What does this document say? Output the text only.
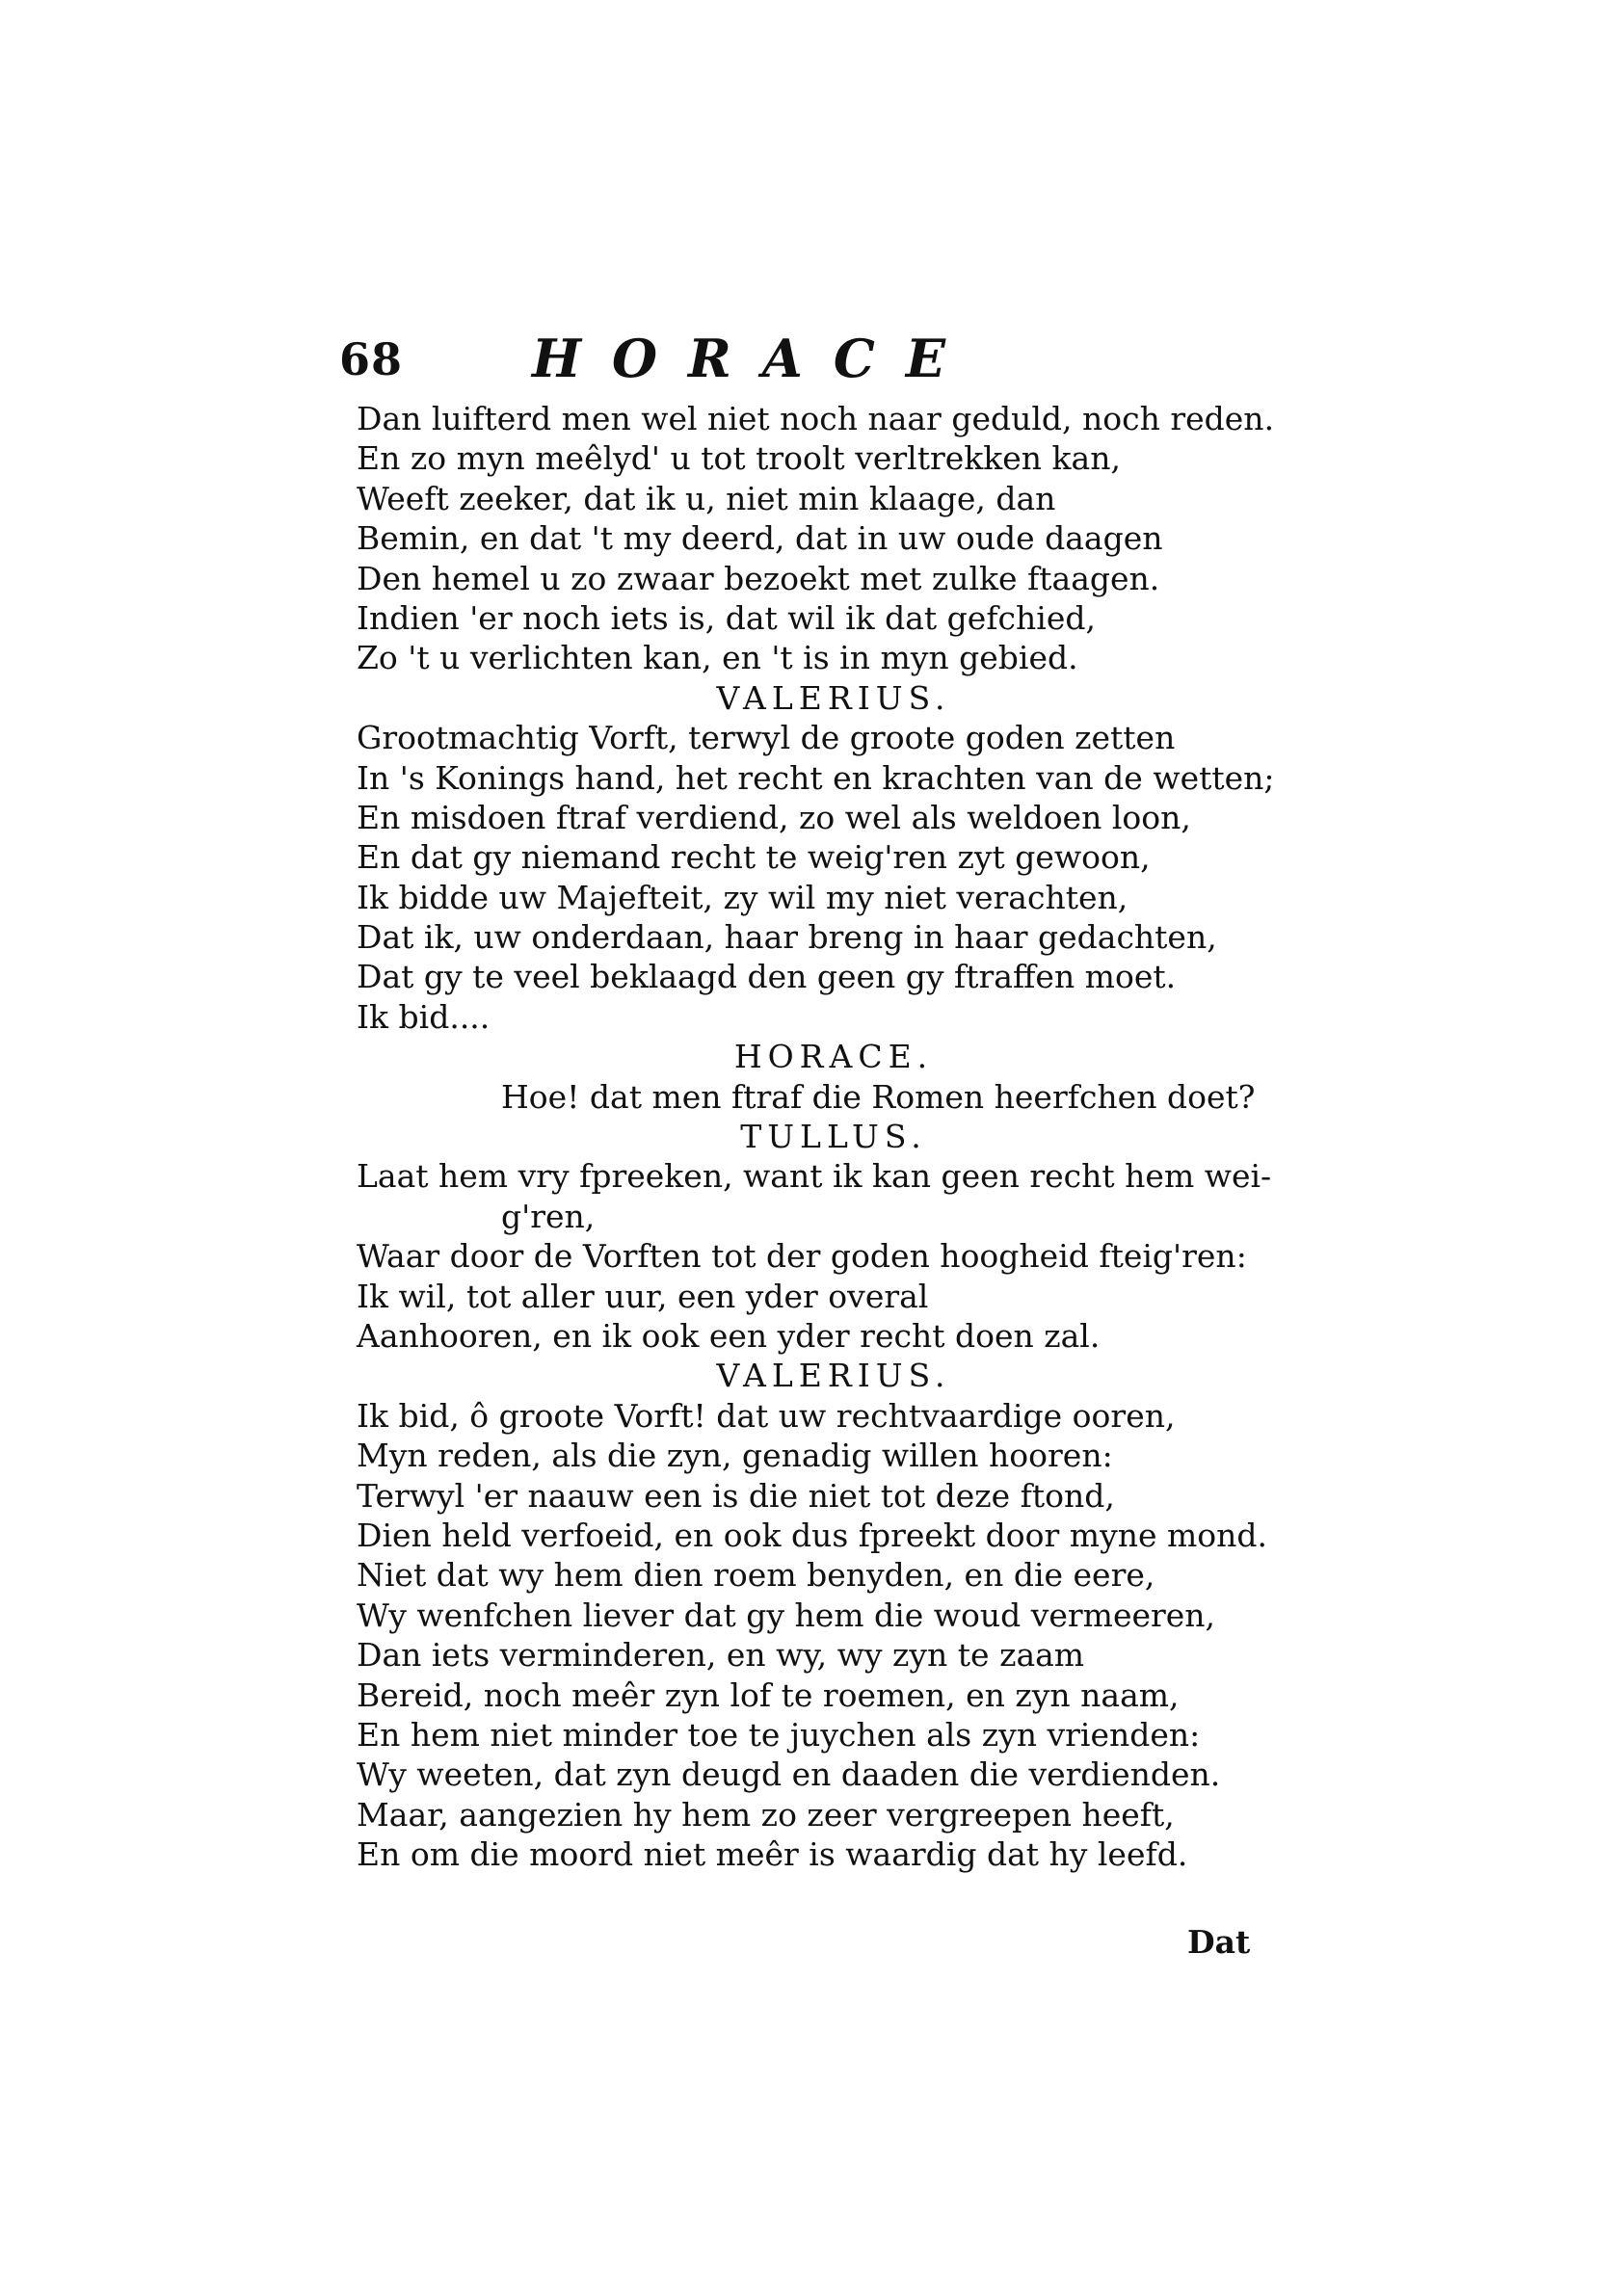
68 HORACE
Dan luifterd men wel niet noch naar geduld, noch reden.
En zo myn meêlyd' u tot troolt verltrekken kan,
Weeft zeeker, dat ik u, niet min klaage, dan
Bemin, en dat 't my deerd, dat in uw oude daagen
Den hemel u zo zwaar bezoekt met zulke ftaagen.
Indien 'er noch iets is, dat wil ik dat gefchied,
Zo 't u verlichten kan, en 't is in myn gebied.
VALERIUS.
Grootmachtig Vorft, terwyl de groote goden zetten
In 's Konings hand, het recht en krachten van de wetten;
En misdoen ftraf verdiend, zo wel als weldoen loon,
En dat gy niemand recht te weig'ren zyt gewoon,
Ik bidde uw Majefteit, zy wil my niet verachten,
Dat ik, uw onderdaan, haar breng in haar gedachten,
Dat gy te veel beklaagd den geen gy ftraffen moet.
Ik bid....
HORACE.
Hoe! dat men ftraf die Romen heerfchen doet?
TULLUS.
Laat hem vry fpreeken, want ik kan geen recht hem wei-
g'ren,
Waar door de Vorften tot der goden hoogheid fteig'ren:
Ik wil, tot aller uur, een yder overal
Aanhooren, en ik ook een yder recht doen zal.
VALERIUS.
Ik bid, ô groote Vorft! dat uw rechtvaardige ooren,
Myn reden, als die zyn, genadig willen hooren:
Terwyl 'er naauw een is die niet tot deze ftond,
Dien held verfoeid, en ook dus fpreekt door myne mond.
Niet dat wy hem dien roem benyden, en die eere,
Wy wenfchen liever dat gy hem die woud vermeeren,
Dan iets verminderen, en wy, wy zyn te zaam
Bereid, noch meêr zyn lof te roemen, en zyn naam,
En hem niet minder toe te juychen als zyn vrienden:
Wy weeten, dat zyn deugd en daaden die verdienden.
Maar, aangezien hy hem zo zeer vergreepen heeft,
En om die moord niet meêr is waardig dat hy leefd.
Dat
